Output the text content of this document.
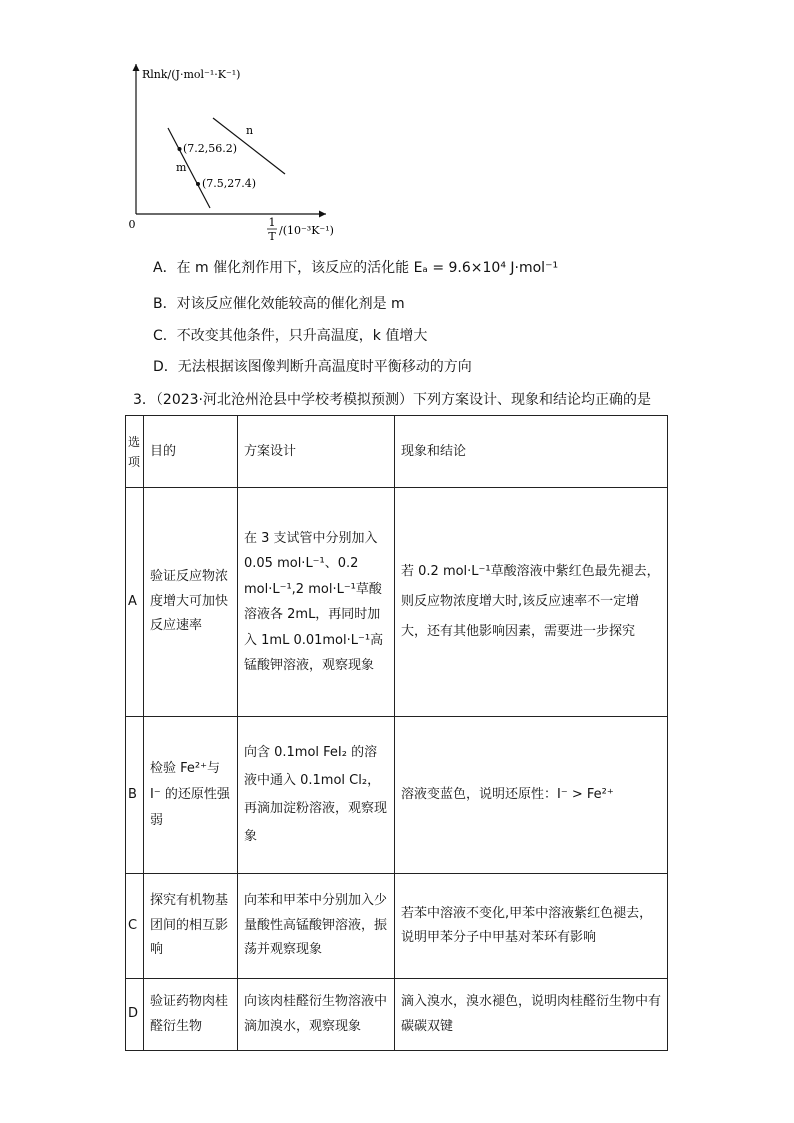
Rlnk/(J·mol⁻¹·K⁻¹)
0
n
m
(7.2,56.2)
(7.5,27.4)
1
T /(10⁻³K⁻¹)
A．在 m 催化剂作用下，该反应的活化能 Eₐ = 9.6×10⁴ J·mol⁻¹
B．对该反应催化效能较高的催化剂是 m
C．不改变其他条件，只升高温度，k 值增大
D．无法根据该图像判断升高温度时平衡移动的方向
3．（2023·河北沧州沧县中学校考模拟预测）下列方案设计、现象和结论均正确的是
选项	目的	方案设计	现象和结论
A	验证反应物浓度增大可加快反应速率	在 3 支试管中分别加入 0.05 mol·L⁻¹、0.2 mol·L⁻¹,2 mol·L⁻¹草酸溶液各 2mL，再同时加入 1mL 0.01mol·L⁻¹高锰酸钾溶液，观察现象	若 0.2 mol·L⁻¹草酸溶液中紫红色最先褪去，则反应物浓度增大时,该反应速率不一定增大，还有其他影响因素，需要进一步探究
B	检验 Fe²⁺与 I⁻ 的还原性强弱	向含 0.1mol FeI₂ 的溶液中通入 0.1mol Cl₂，再滴加淀粉溶液，观察现象	溶液变蓝色，说明还原性：I⁻ > Fe²⁺
C	探究有机物基团间的相互影响	向苯和甲苯中分别加入少量酸性高锰酸钾溶液，振荡并观察现象	若苯中溶液不变化,甲苯中溶液紫红色褪去，说明甲苯分子中甲基对苯环有影响
D	验证药物肉桂醛衍生物	向该肉桂醛衍生物溶液中滴加溴水，观察现象	滴入溴水，溴水褪色，说明肉桂醛衍生物中有碳碳双键
